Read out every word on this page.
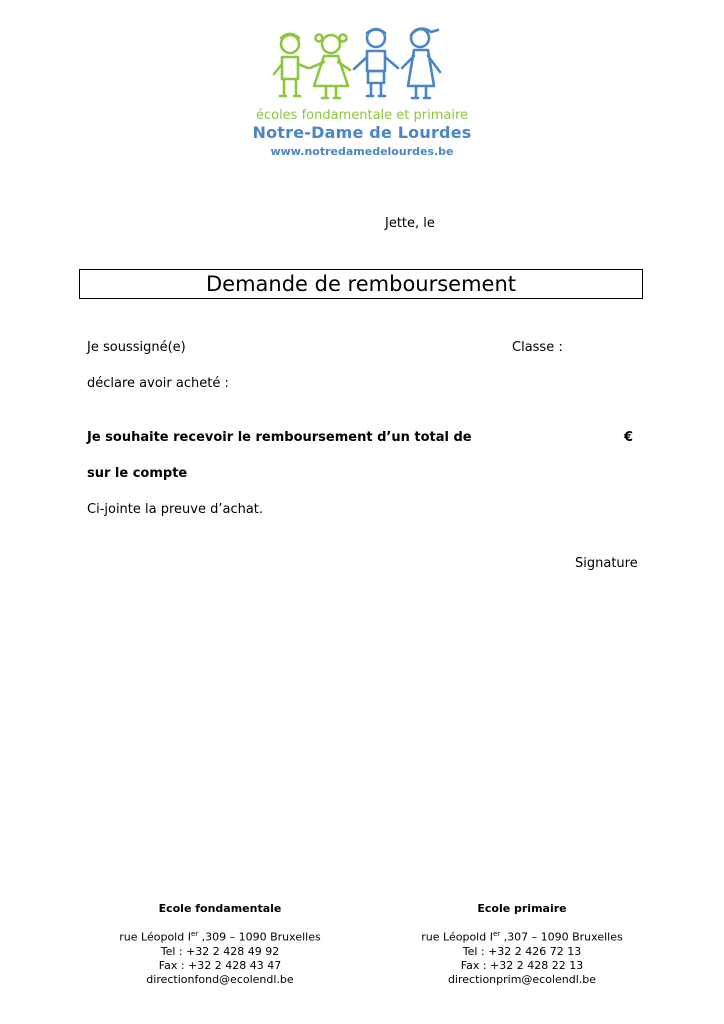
écoles fondamentale et primaire
Notre-Dame de Lourdes
www.notredamedelourdes.be
Jette, le
Demande de remboursement
Je soussigné(e)	Classe :
déclare avoir acheté :
Je souhaite recevoir le remboursement d’un total de	€
sur le compte
Ci-jointe la preuve d’achat.
Signature
Ecole fondamentale
rue Léopold Ier ,309 – 1090 Bruxelles
Tel : +32 2 428 49 92
Fax : +32 2 428 43 47
directionfond@ecolendl.be
Ecole primaire
rue Léopold Ier ,307 – 1090 Bruxelles
Tel : +32 2 426 72 13
Fax : +32 2 428 22 13
directionprim@ecolendl.be
